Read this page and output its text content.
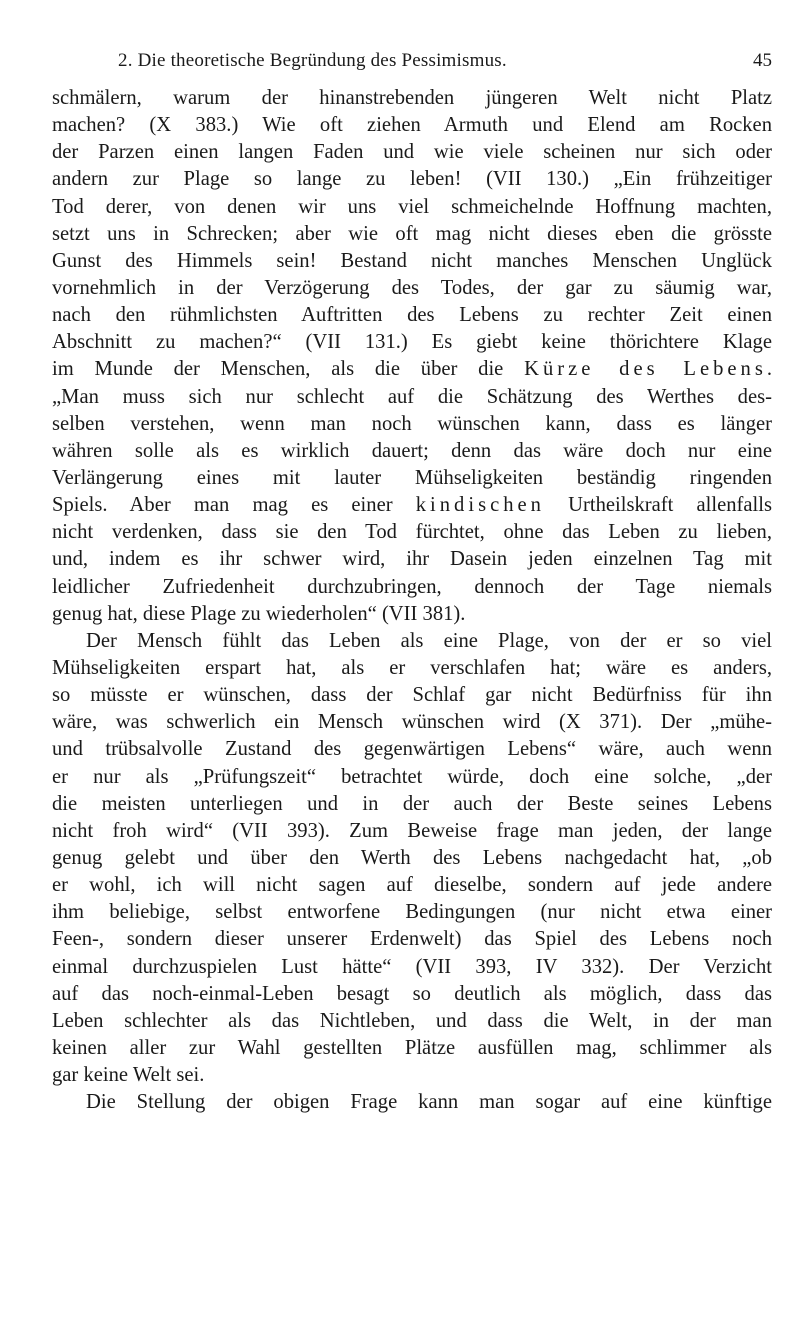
2. Die theoretische Begründung des Pessimismus.	45
schmälern, warum der hinanstrebenden jüngeren Welt nicht Platz
machen? (X 383.) Wie oft ziehen Armuth und Elend am Rocken
der Parzen einen langen Faden und wie viele scheinen nur sich oder
andern zur Plage so lange zu leben! (VII 130.) „Ein frühzeitiger
Tod derer, von denen wir uns viel schmeichelnde Hoffnung machten,
setzt uns in Schrecken; aber wie oft mag nicht dieses eben die grösste
Gunst des Himmels sein! Bestand nicht manches Menschen Unglück
vornehmlich in der Verzögerung des Todes, der gar zu säumig war,
nach den rühmlichsten Auftritten des Lebens zu rechter Zeit einen
Abschnitt zu machen?“ (VII 131.) Es giebt keine thörichtere Klage
im Munde der Menschen, als die über die Kürze des Lebens.
„Man muss sich nur schlecht auf die Schätzung des Werthes des-
selben verstehen, wenn man noch wünschen kann, dass es länger
währen solle als es wirklich dauert; denn das wäre doch nur eine
Verlängerung eines mit lauter Mühseligkeiten beständig ringenden
Spiels. Aber man mag es einer kindischen Urtheilskraft allenfalls
nicht verdenken, dass sie den Tod fürchtet, ohne das Leben zu lieben,
und, indem es ihr schwer wird, ihr Dasein jeden einzelnen Tag mit
leidlicher Zufriedenheit durchzubringen, dennoch der Tage niemals
genug hat, diese Plage zu wiederholen“ (VII 381).
Der Mensch fühlt das Leben als eine Plage, von der er so viel
Mühseligkeiten erspart hat, als er verschlafen hat; wäre es anders,
so müsste er wünschen, dass der Schlaf gar nicht Bedürfniss für ihn
wäre, was schwerlich ein Mensch wünschen wird (X 371). Der „mühe-
und trübsalvolle Zustand des gegenwärtigen Lebens“ wäre, auch wenn
er nur als „Prüfungszeit“ betrachtet würde, doch eine solche, „der
die meisten unterliegen und in der auch der Beste seines Lebens
nicht froh wird“ (VII 393). Zum Beweise frage man jeden, der lange
genug gelebt und über den Werth des Lebens nachgedacht hat, „ob
er wohl, ich will nicht sagen auf dieselbe, sondern auf jede andere
ihm beliebige, selbst entworfene Bedingungen (nur nicht etwa einer
Feen-, sondern dieser unserer Erdenwelt) das Spiel des Lebens noch
einmal durchzuspielen Lust hätte“ (VII 393, IV 332). Der Verzicht
auf das noch-einmal-Leben besagt so deutlich als möglich, dass das
Leben schlechter als das Nichtleben, und dass die Welt, in der man
keinen aller zur Wahl gestellten Plätze ausfüllen mag, schlimmer als
gar keine Welt sei.
Die Stellung der obigen Frage kann man sogar auf eine künftige
